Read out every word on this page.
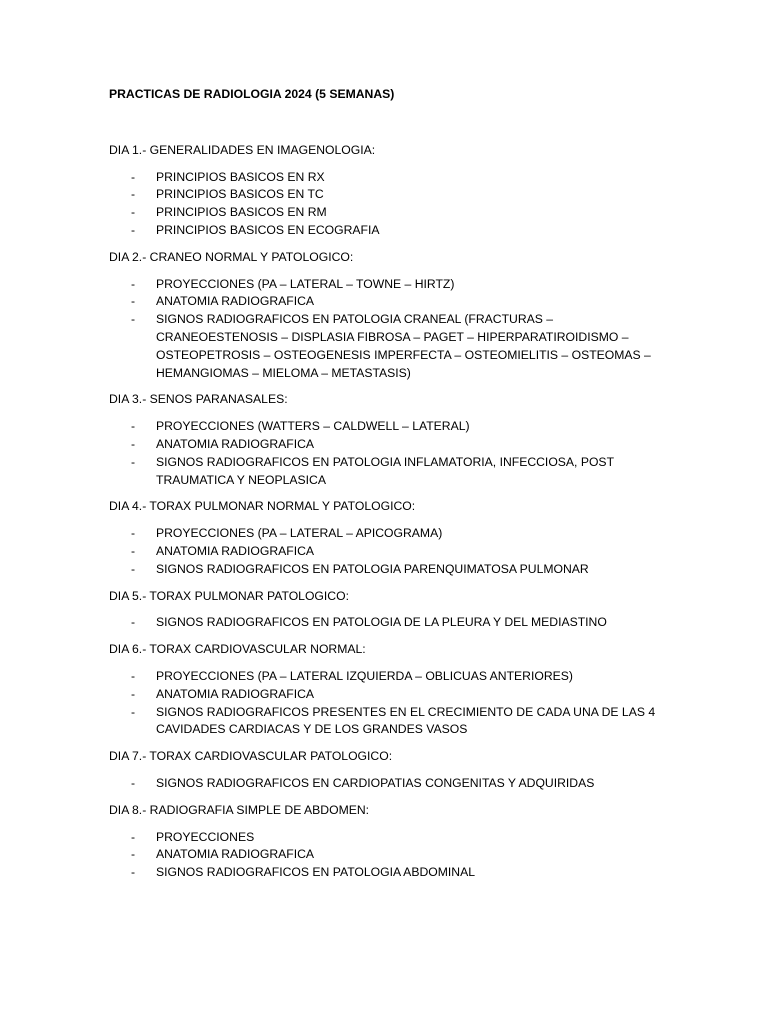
PRACTICAS DE RADIOLOGIA 2024 (5 SEMANAS)
DIA 1.- GENERALIDADES EN IMAGENOLOGIA:
- PRINCIPIOS BASICOS EN RX
- PRINCIPIOS BASICOS EN TC
- PRINCIPIOS BASICOS EN RM
- PRINCIPIOS BASICOS EN ECOGRAFIA
DIA 2.- CRANEO NORMAL Y PATOLOGICO:
- PROYECCIONES (PA – LATERAL – TOWNE – HIRTZ)
- ANATOMIA RADIOGRAFICA
- SIGNOS RADIOGRAFICOS EN PATOLOGIA CRANEAL (FRACTURAS – CRANEOESTENOSIS – DISPLASIA FIBROSA – PAGET – HIPERPARATIROIDISMO – OSTEOPETROSIS – OSTEOGENESIS IMPERFECTA – OSTEOMIELITIS – OSTEOMAS – HEMANGIOMAS – MIELOMA – METASTASIS)
DIA 3.- SENOS PARANASALES:
- PROYECCIONES (WATTERS – CALDWELL – LATERAL)
- ANATOMIA RADIOGRAFICA
- SIGNOS RADIOGRAFICOS EN PATOLOGIA INFLAMATORIA, INFECCIOSA, POST TRAUMATICA Y NEOPLASICA
DIA 4.- TORAX PULMONAR NORMAL Y PATOLOGICO:
- PROYECCIONES (PA – LATERAL – APICOGRAMA)
- ANATOMIA RADIOGRAFICA
- SIGNOS RADIOGRAFICOS EN PATOLOGIA PARENQUIMATOSA PULMONAR
DIA 5.- TORAX PULMONAR PATOLOGICO:
- SIGNOS RADIOGRAFICOS EN PATOLOGIA DE LA PLEURA Y DEL MEDIASTINO
DIA 6.- TORAX CARDIOVASCULAR NORMAL:
- PROYECCIONES (PA – LATERAL IZQUIERDA – OBLICUAS ANTERIORES)
- ANATOMIA RADIOGRAFICA
- SIGNOS RADIOGRAFICOS PRESENTES EN EL CRECIMIENTO DE CADA UNA DE LAS 4 CAVIDADES CARDIACAS Y DE LOS GRANDES VASOS
DIA 7.- TORAX CARDIOVASCULAR PATOLOGICO:
- SIGNOS RADIOGRAFICOS EN CARDIOPATIAS CONGENITAS Y ADQUIRIDAS
DIA 8.- RADIOGRAFIA SIMPLE DE ABDOMEN:
- PROYECCIONES
- ANATOMIA RADIOGRAFICA
- SIGNOS RADIOGRAFICOS EN PATOLOGIA ABDOMINAL
